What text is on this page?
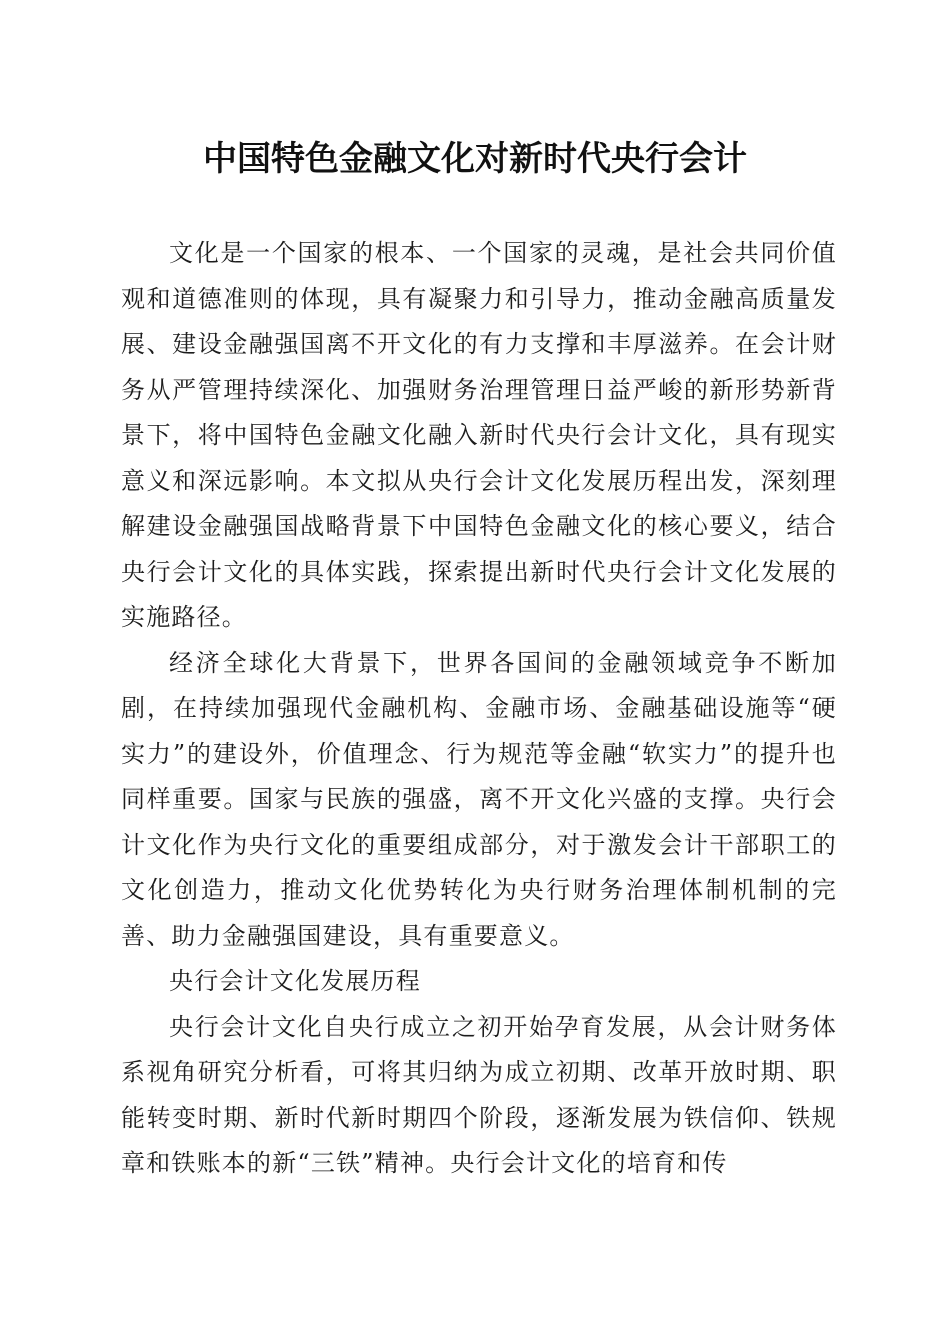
中国特色金融文化对新时代央行会计

文化是一个国家的根本、一个国家的灵魂，是社会共同价值观和道德准则的体现，具有凝聚力和引导力，推动金融高质量发展、建设金融强国离不开文化的有力支撑和丰厚滋养。在会计财务从严管理持续深化、加强财务治理管理日益严峻的新形势新背景下，将中国特色金融文化融入新时代央行会计文化，具有现实意义和深远影响。本文拟从央行会计文化发展历程出发，深刻理解建设金融强国战略背景下中国特色金融文化的核心要义，结合央行会计文化的具体实践，探索提出新时代央行会计文化发展的实施路径。

经济全球化大背景下，世界各国间的金融领域竞争不断加剧，在持续加强现代金融机构、金融市场、金融基础设施等“硬实力”的建设外，价值理念、行为规范等金融“软实力”的提升也同样重要。国家与民族的强盛，离不开文化兴盛的支撑。央行会计文化作为央行文化的重要组成部分，对于激发会计干部职工的文化创造力，推动文化优势转化为央行财务治理体制机制的完善、助力金融强国建设，具有重要意义。

央行会计文化发展历程

央行会计文化自央行成立之初开始孕育发展，从会计财务体系视角研究分析看，可将其归纳为成立初期、改革开放时期、职能转变时期、新时代新时期四个阶段，逐渐发展为铁信仰、铁规章和铁账本的新“三铁”精神。央行会计文化的培育和传
